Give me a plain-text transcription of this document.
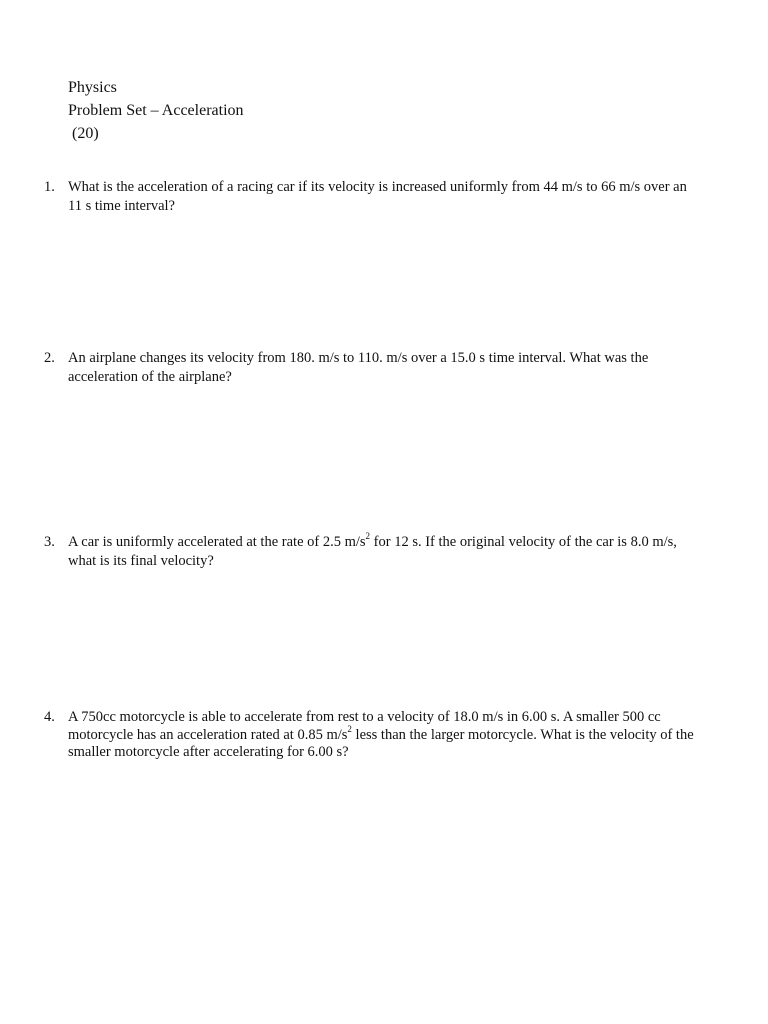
Physics
Problem Set – Acceleration
(20)
1. What is the acceleration of a racing car if its velocity is increased uniformly from 44 m/s to 66 m/s over an 11 s time interval?
2. An airplane changes its velocity from 180. m/s to 110. m/s over a 15.0 s time interval. What was the acceleration of the airplane?
3. A car is uniformly accelerated at the rate of 2.5 $m/s^2$ for 12 s. If the original velocity of the car is 8.0 m/s, what is its final velocity?
4. A 750cc motorcycle is able to accelerate from rest to a velocity of 18.0 m/s in 6.00 s. A smaller 500 cc motorcycle has an acceleration rated at 0.85 $m/s^2$ less than the larger motorcycle. What is the velocity of the smaller motorcycle after accelerating for 6.00 s?
